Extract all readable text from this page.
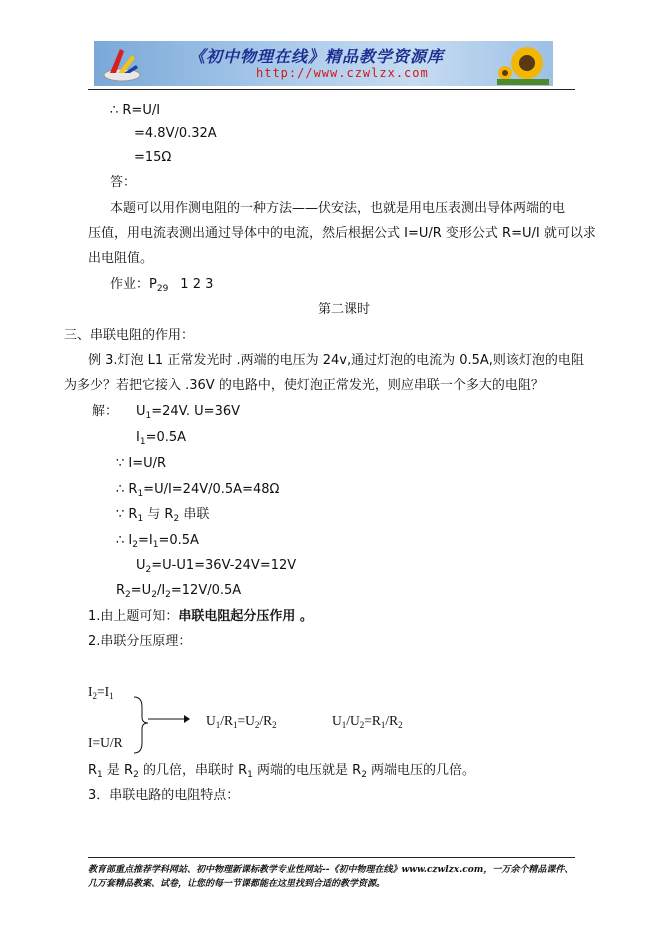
《初中物理在线》精品教学资源库
http://www.czwlzx.com
∴ R=U/I
=4.8V/0.32A
=15Ω
答：
本题可以用作测电阻的一种方法——伏安法，也就是用电压表测出导体两端的电
压值，用电流表测出通过导体中的电流，然后根据公式 I=U/R 变形公式 R=U/I 就可以求
出电阻值。
作业：$P_{29}$ 1 2 3
第二课时
三、串联电阻的作用：
例 3.灯泡 L1 正常发光时 .两端的电压为 24v,通过灯泡的电流为 0.5A,则该灯泡的电阻
为多少？若把它接入 .36V 的电路中，使灯泡正常发光，则应串联一个多大的电阻？
解： $U_1=24V$. U=36V
$I_1=0.5A$
∵ I=U/R
∴ $R_1=U/I=24V/0.5A=48\Omega$
∵ $R_1$ 与 $R_2$ 串联
∴ $I_2=I_1=0.5A$
$U_2=U-U1=36V-24V=12V$
$R_2=U_2/I_2=12V/0.5A$
1.由上题可知：串联电阻起分压作用 。
2.串联分压原理：
$I_2=I_1$
I=U/R
$U_1/R_1=U_2/R_2$	$U_1/U_2=R_1/R_2$
$R_1$ 是 $R_2$ 的几倍，串联时 $R_1$ 两端的电压就是 $R_2$ 两端电压的几倍。
3．串联电路的电阻特点：
教育部重点推荐学科网站、初中物理新课标教学专业性网站--《初中物理在线》www.czwlzx.com，一万余个精品课件、
几万套精品教案、试卷，让您的每一节课都能在这里找到合适的教学资源。
